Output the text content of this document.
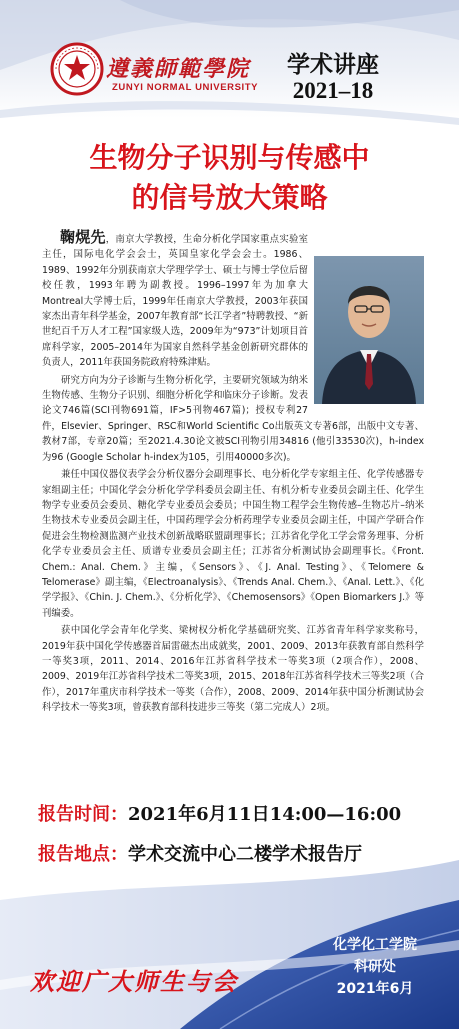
遵義師範學院
ZUNYI NORMAL UNIVERSITY
学术讲座
2021–18
生物分子识别与传感中
的信号放大策略

鞠熀先，南京大学教授，生命分析化学国家重点实验室主任，国际电化学会会士，英国皇家化学会会士。1986、1989、1992年分别获南京大学理学学士、硕士与博士学位后留校任教，1993年聘为副教授。1996–1997年为加拿大Montreal大学博士后，1999年任南京大学教授，2003年获国家杰出青年科学基金，2007年教育部“长江学者”特聘教授、“新世纪百千万人才工程”国家级人选，2009年为“973”计划项目首席科学家，2005–2014年为国家自然科学基金创新研究群体的负责人，2011年获国务院政府特殊津贴。

研究方向为分子诊断与生物分析化学，主要研究领域为纳米生物传感、生物分子识别、细胞分析化学和临床分子诊断。发表论文746篇(SCI刊物691篇，IF>5刊物467篇)；授权专利27件，Elsevier、Springer、RSC和World Scientific Co出版英文专著6部，出版中文专著、教材7部，专章20篇；至2021.4.30论文被SCI刊物引用34816 (他引33530次)，h-index为96 (Google Scholar h-index为105，引用40000多次)。

兼任中国仪器仪表学会分析仪器分会副理事长、电分析化学专家组主任、化学传感器专家组副主任；中国化学会分析化学学科委员会副主任、有机分析专业委员会副主任、化学生物学专业委员会委员、糖化学专业委员会委员；中国生物工程学会生物传感–生物芯片–纳米生物技术专业委员会副主任，中国药理学会分析药理学专业委员会副主任，中国产学研合作促进会生物检测监测产业技术创新战略联盟副理事长；江苏省化学化工学会常务理事、分析化学专业委员会主任、质谱专业委员会副主任；江苏省分析测试协会副理事长。《Front. Chem.: Anal. Chem.》主编，《Sensors》、《J. Anal. Testing》、《Telomere & Telomerase》副主编，《Electroanalysis》、《Trends Anal. Chem.》、《Anal. Lett.》、《化学学报》、《Chin. J. Chem.》、《分析化学》、《Chemosensors》《Open Biomarkers J.》等刊编委。

获中国化学会青年化学奖、梁树权分析化学基础研究奖、江苏省青年科学家奖称号，2019年获中国化学传感器首届雷磁杰出成就奖，2001、2009、2013年获教育部自然科学一等奖3项，2011、2014、2016年江苏省科学技术一等奖3项（2项合作），2008、2009、2019年江苏省科学技术二等奖3项，2015、2018年江苏省科学技术三等奖2项（合作），2017年重庆市科学技术一等奖（合作），2008、2009、2014年获中国分析测试协会科学技术一等奖3项，曾获教育部科技进步三等奖（第二完成人）2项。

报告时间：2021年6月11日14:00—16:00
报告地点：学术交流中心二楼学术报告厅
欢迎广大师生与会
化学化工学院
科研处
2021年6月
